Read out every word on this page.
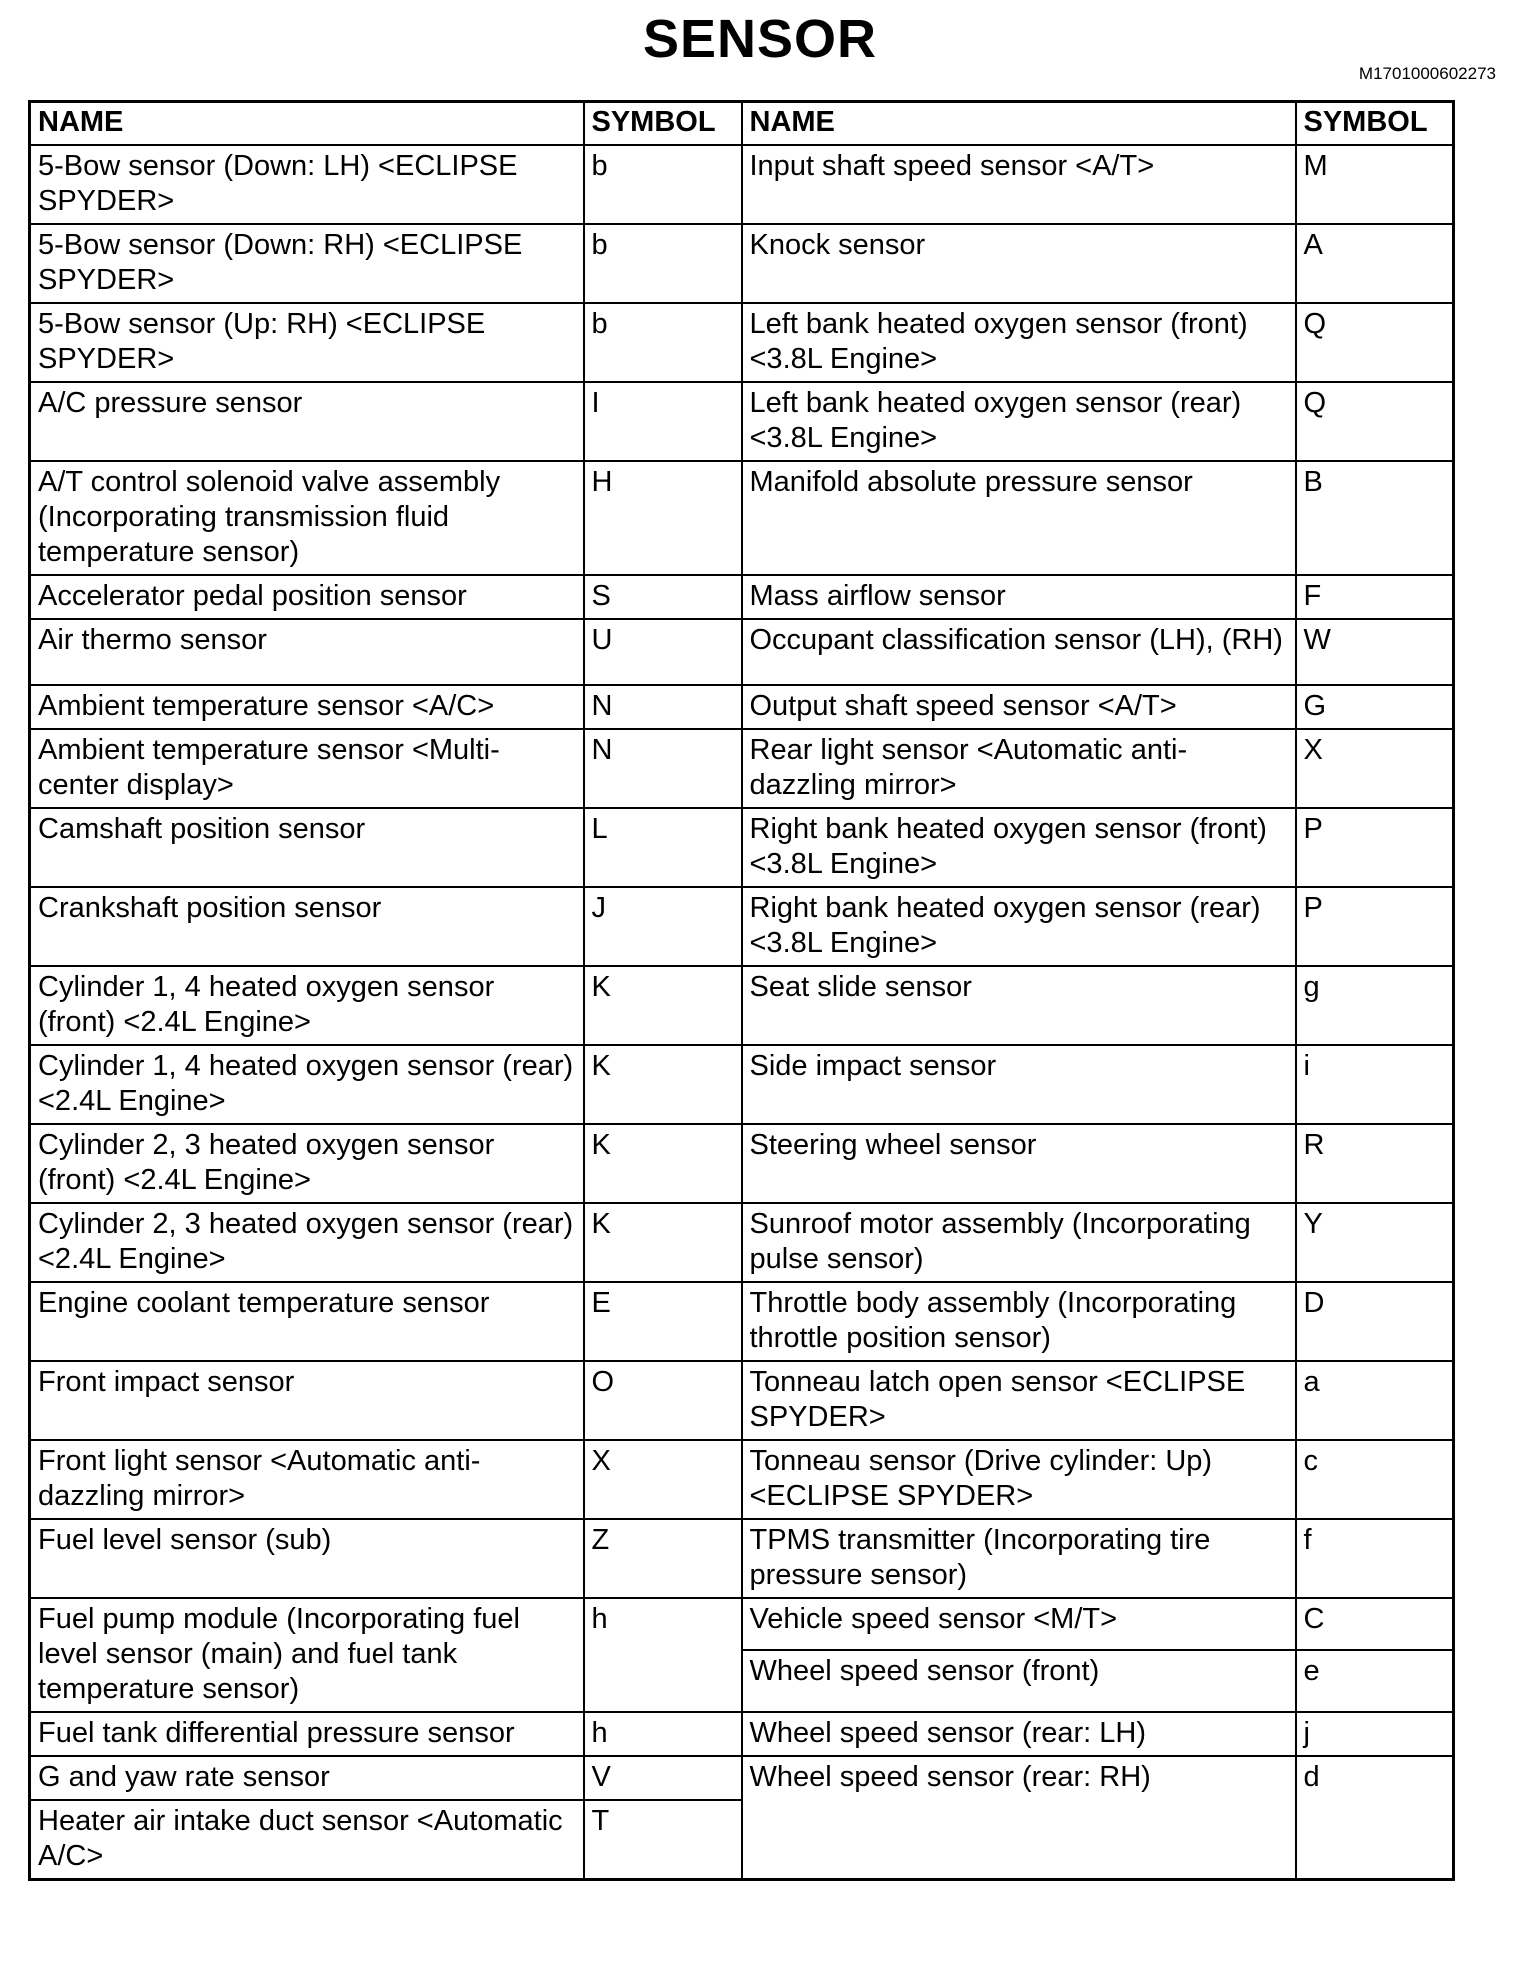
SENSOR
M1701000602273
NAME	SYMBOL	NAME	SYMBOL
5-Bow sensor (Down: LH) <ECLIPSE SPYDER>	b	Input shaft speed sensor <A/T>	M
5-Bow sensor (Down: RH) <ECLIPSE SPYDER>	b	Knock sensor	A
5-Bow sensor (Up: RH) <ECLIPSE SPYDER>	b	Left bank heated oxygen sensor (front) <3.8L Engine>	Q
A/C pressure sensor	I	Left bank heated oxygen sensor (rear) <3.8L Engine>	Q
A/T control solenoid valve assembly (Incorporating transmission fluid temperature sensor)	H	Manifold absolute pressure sensor	B
Accelerator pedal position sensor	S	Mass airflow sensor	F
Air thermo sensor	U	Occupant classification sensor (LH), (RH)	W
Ambient temperature sensor <A/C>	N	Output shaft speed sensor <A/T>	G
Ambient temperature sensor <Multi-center display>	N	Rear light sensor <Automatic anti-dazzling mirror>	X
Camshaft position sensor	L	Right bank heated oxygen sensor (front) <3.8L Engine>	P
Crankshaft position sensor	J	Right bank heated oxygen sensor (rear) <3.8L Engine>	P
Cylinder 1, 4 heated oxygen sensor (front) <2.4L Engine>	K	Seat slide sensor	g
Cylinder 1, 4 heated oxygen sensor (rear) <2.4L Engine>	K	Side impact sensor	i
Cylinder 2, 3 heated oxygen sensor (front) <2.4L Engine>	K	Steering wheel sensor	R
Cylinder 2, 3 heated oxygen sensor (rear) <2.4L Engine>	K	Sunroof motor assembly (Incorporating pulse sensor)	Y
Engine coolant temperature sensor	E	Throttle body assembly (Incorporating throttle position sensor)	D
Front impact sensor	O	Tonneau latch open sensor <ECLIPSE SPYDER>	a
Front light sensor <Automatic anti-dazzling mirror>	X	Tonneau sensor (Drive cylinder: Up) <ECLIPSE SPYDER>	c
Fuel level sensor (sub)	Z	TPMS transmitter (Incorporating tire pressure sensor)	f
Fuel pump module (Incorporating fuel level sensor (main) and fuel tank temperature sensor)	h	Vehicle speed sensor <M/T>	C
		Wheel speed sensor (front)	e
Fuel tank differential pressure sensor	h	Wheel speed sensor (rear: LH)	j
G and yaw rate sensor	V	Wheel speed sensor (rear: RH)	d
Heater air intake duct sensor <Automatic A/C>	T		
